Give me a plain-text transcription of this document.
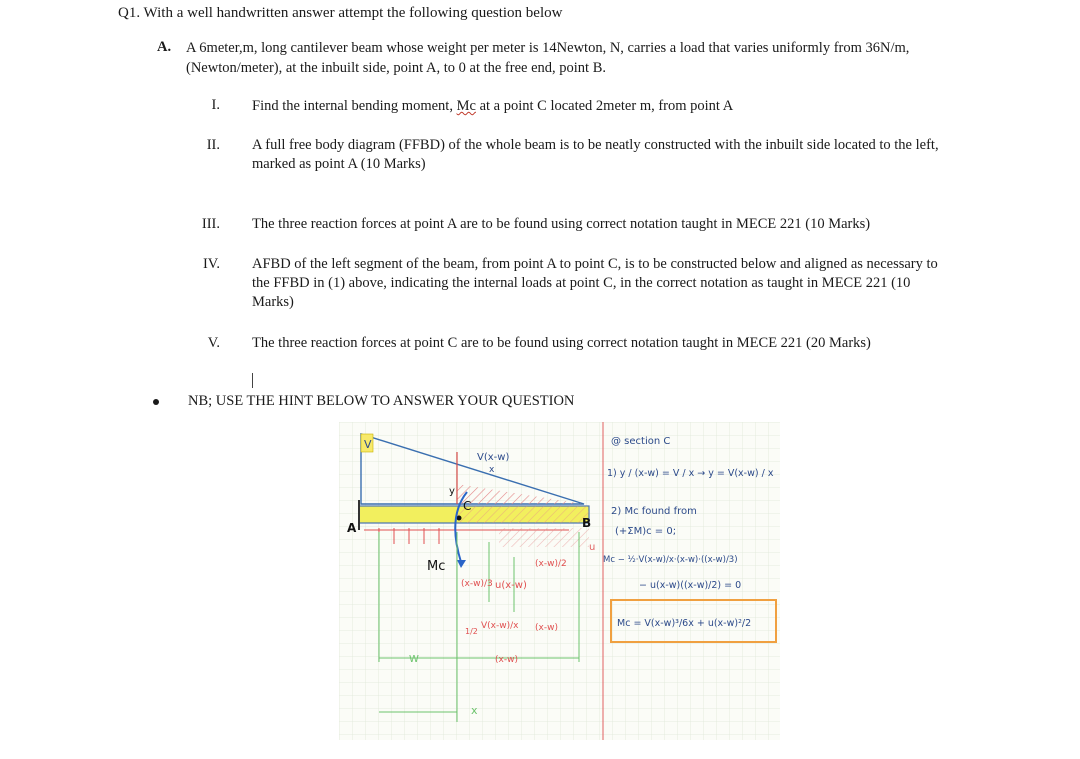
Q1. With a well handwritten answer attempt the following question below
A. A 6meter,m, long cantilever beam whose weight per meter is 14Newton, N, carries a load that varies uniformly from 36N/m, (Newton/meter), at the inbuilt side, point A, to 0 at the free end, point B.
I. Find the internal bending moment, Mc at a point C located 2meter m, from point A
II. A full free body diagram (FFBD) of the whole beam is to be neatly constructed with the inbuilt side located to the left, marked as point A (10 Marks)
III. The three reaction forces at point A are to be found using correct notation taught in MECE 221 (10 Marks)
IV. AFBD of the left segment of the beam, from point A to point C, is to be constructed below and aligned as necessary to the FFBD in (1) above, indicating the internal loads at point C, in the correct notation as taught in MECE 221 (10 Marks)
V. The three reaction forces at point C are to be found using correct notation taught in MECE 221 (20 Marks)
NB; USE THE HINT BELOW TO ANSWER YOUR QUESTION
V
V(x-w)
x
C
A	B
y
Mc
u
(x-w)/2
(x-w)/3 u(x-w)
1/2
V(x-w)/x (x-w)
(x-w)
W
x
@ section C
1) y / (x-w) = V / x → y = V(x-w) / x
2) Mc found from
(+ΣM)c = 0;
Mc − ½·V(x-w)/x·(x-w)·((x-w)/3)
− u(x-w)((x-w)/2) = 0
Mc = V(x-w)³/6x + u(x-w)²/2
